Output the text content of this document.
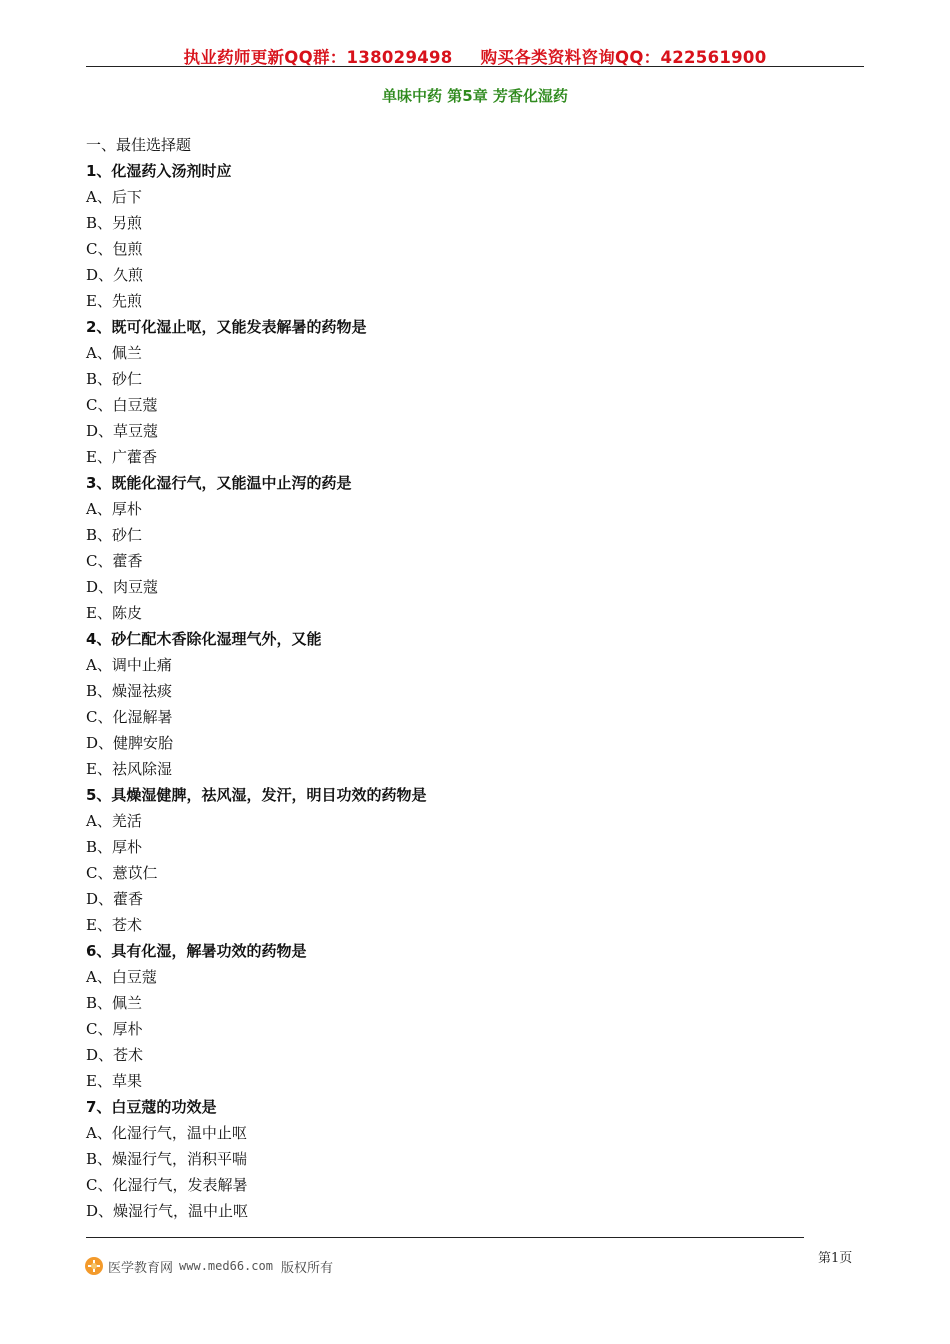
执业药师更新QQ群：138029498 购买各类资料咨询QQ：422561900
单味中药 第5章 芳香化湿药
一、最佳选择题
1、化湿药入汤剂时应
A、后下
B、另煎
C、包煎
D、久煎
E、先煎
2、既可化湿止呕，又能发表解暑的药物是
A、佩兰
B、砂仁
C、白豆蔻
D、草豆蔻
E、广藿香
3、既能化湿行气，又能温中止泻的药是
A、厚朴
B、砂仁
C、藿香
D、肉豆蔻
E、陈皮
4、砂仁配木香除化湿理气外，又能
A、调中止痛
B、燥湿祛痰
C、化湿解暑
D、健脾安胎
E、祛风除湿
5、具燥湿健脾，祛风湿，发汗，明目功效的药物是
A、羌活
B、厚朴
C、薏苡仁
D、藿香
E、苍术
6、具有化湿，解暑功效的药物是
A、白豆蔻
B、佩兰
C、厚朴
D、苍术
E、草果
7、白豆蔻的功效是
A、化湿行气，温中止呕
B、燥湿行气，消积平喘
C、化湿行气，发表解暑
D、燥湿行气，温中止呕
第1页
医学教育网 www.med66.com 版权所有
